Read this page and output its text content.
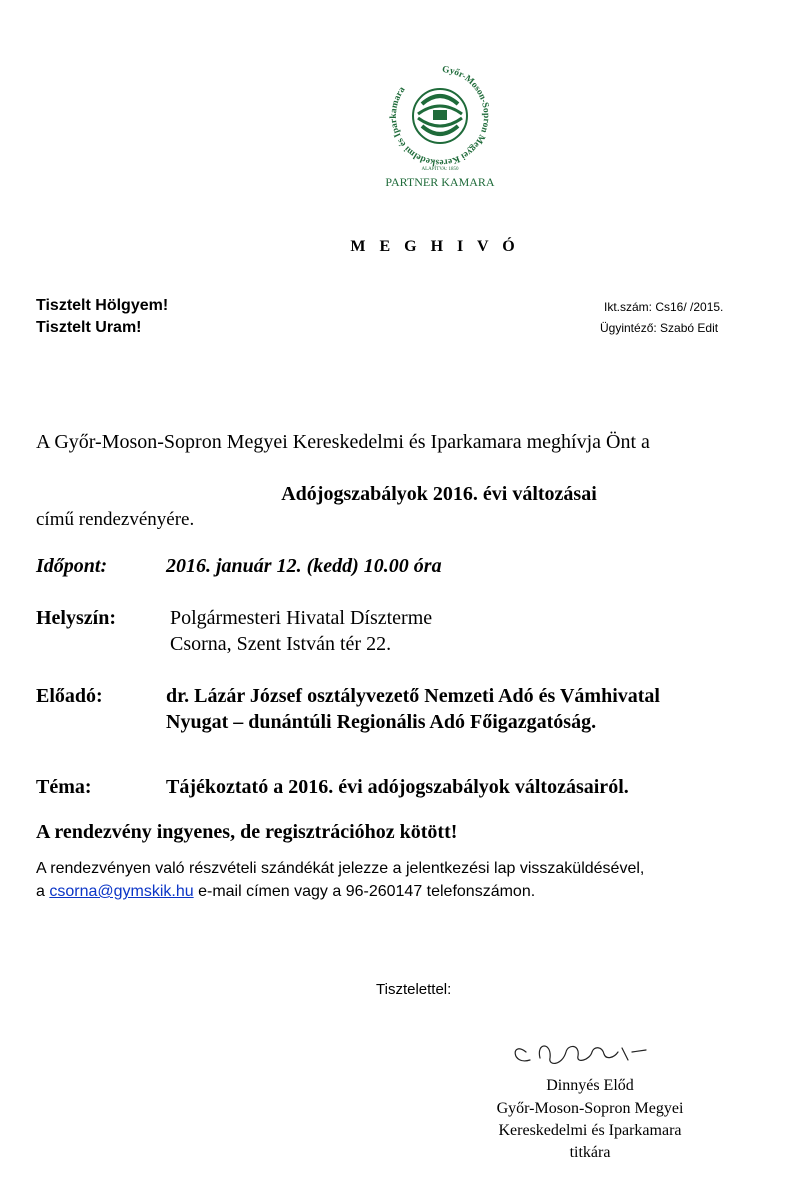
Győr-Moson-Sopron Megyei Kereskedelmi és Iparkamara
ALAPÍTVA: 1850
PARTNER KAMARA
M E G H I V Ó
Tisztelt Hölgyem!
Tisztelt Uram!
Ikt.szám: Cs16/ /2015.
Ügyintéző: Szabó Edit
A Győr-Moson-Sopron Megyei Kereskedelmi és Iparkamara meghívja Önt a
Adójogszabályok 2016. évi változásai
című rendezvényére.
Időpont:	2016. január 12. (kedd) 10.00 óra
Helyszín:	Polgármesteri Hivatal Díszterme
Csorna, Szent István tér 22.
Előadó:	dr. Lázár József osztályvezető Nemzeti Adó és Vámhivatal
Nyugat – dunántúli Regionális Adó Főigazgatóság.
Téma:	Tájékoztató a 2016. évi adójogszabályok változásairól.
A rendezvény ingyenes, de regisztrációhoz kötött!
A rendezvényen való részvételi szándékát jelezze a jelentkezési lap visszaküldésével,
a csorna@gymskik.hu e-mail címen vagy a 96-260147 telefonszámon.
Tisztelettel:
Dinnyés Előd
Győr-Moson-Sopron Megyei
Kereskedelmi és Iparkamara
titkára
